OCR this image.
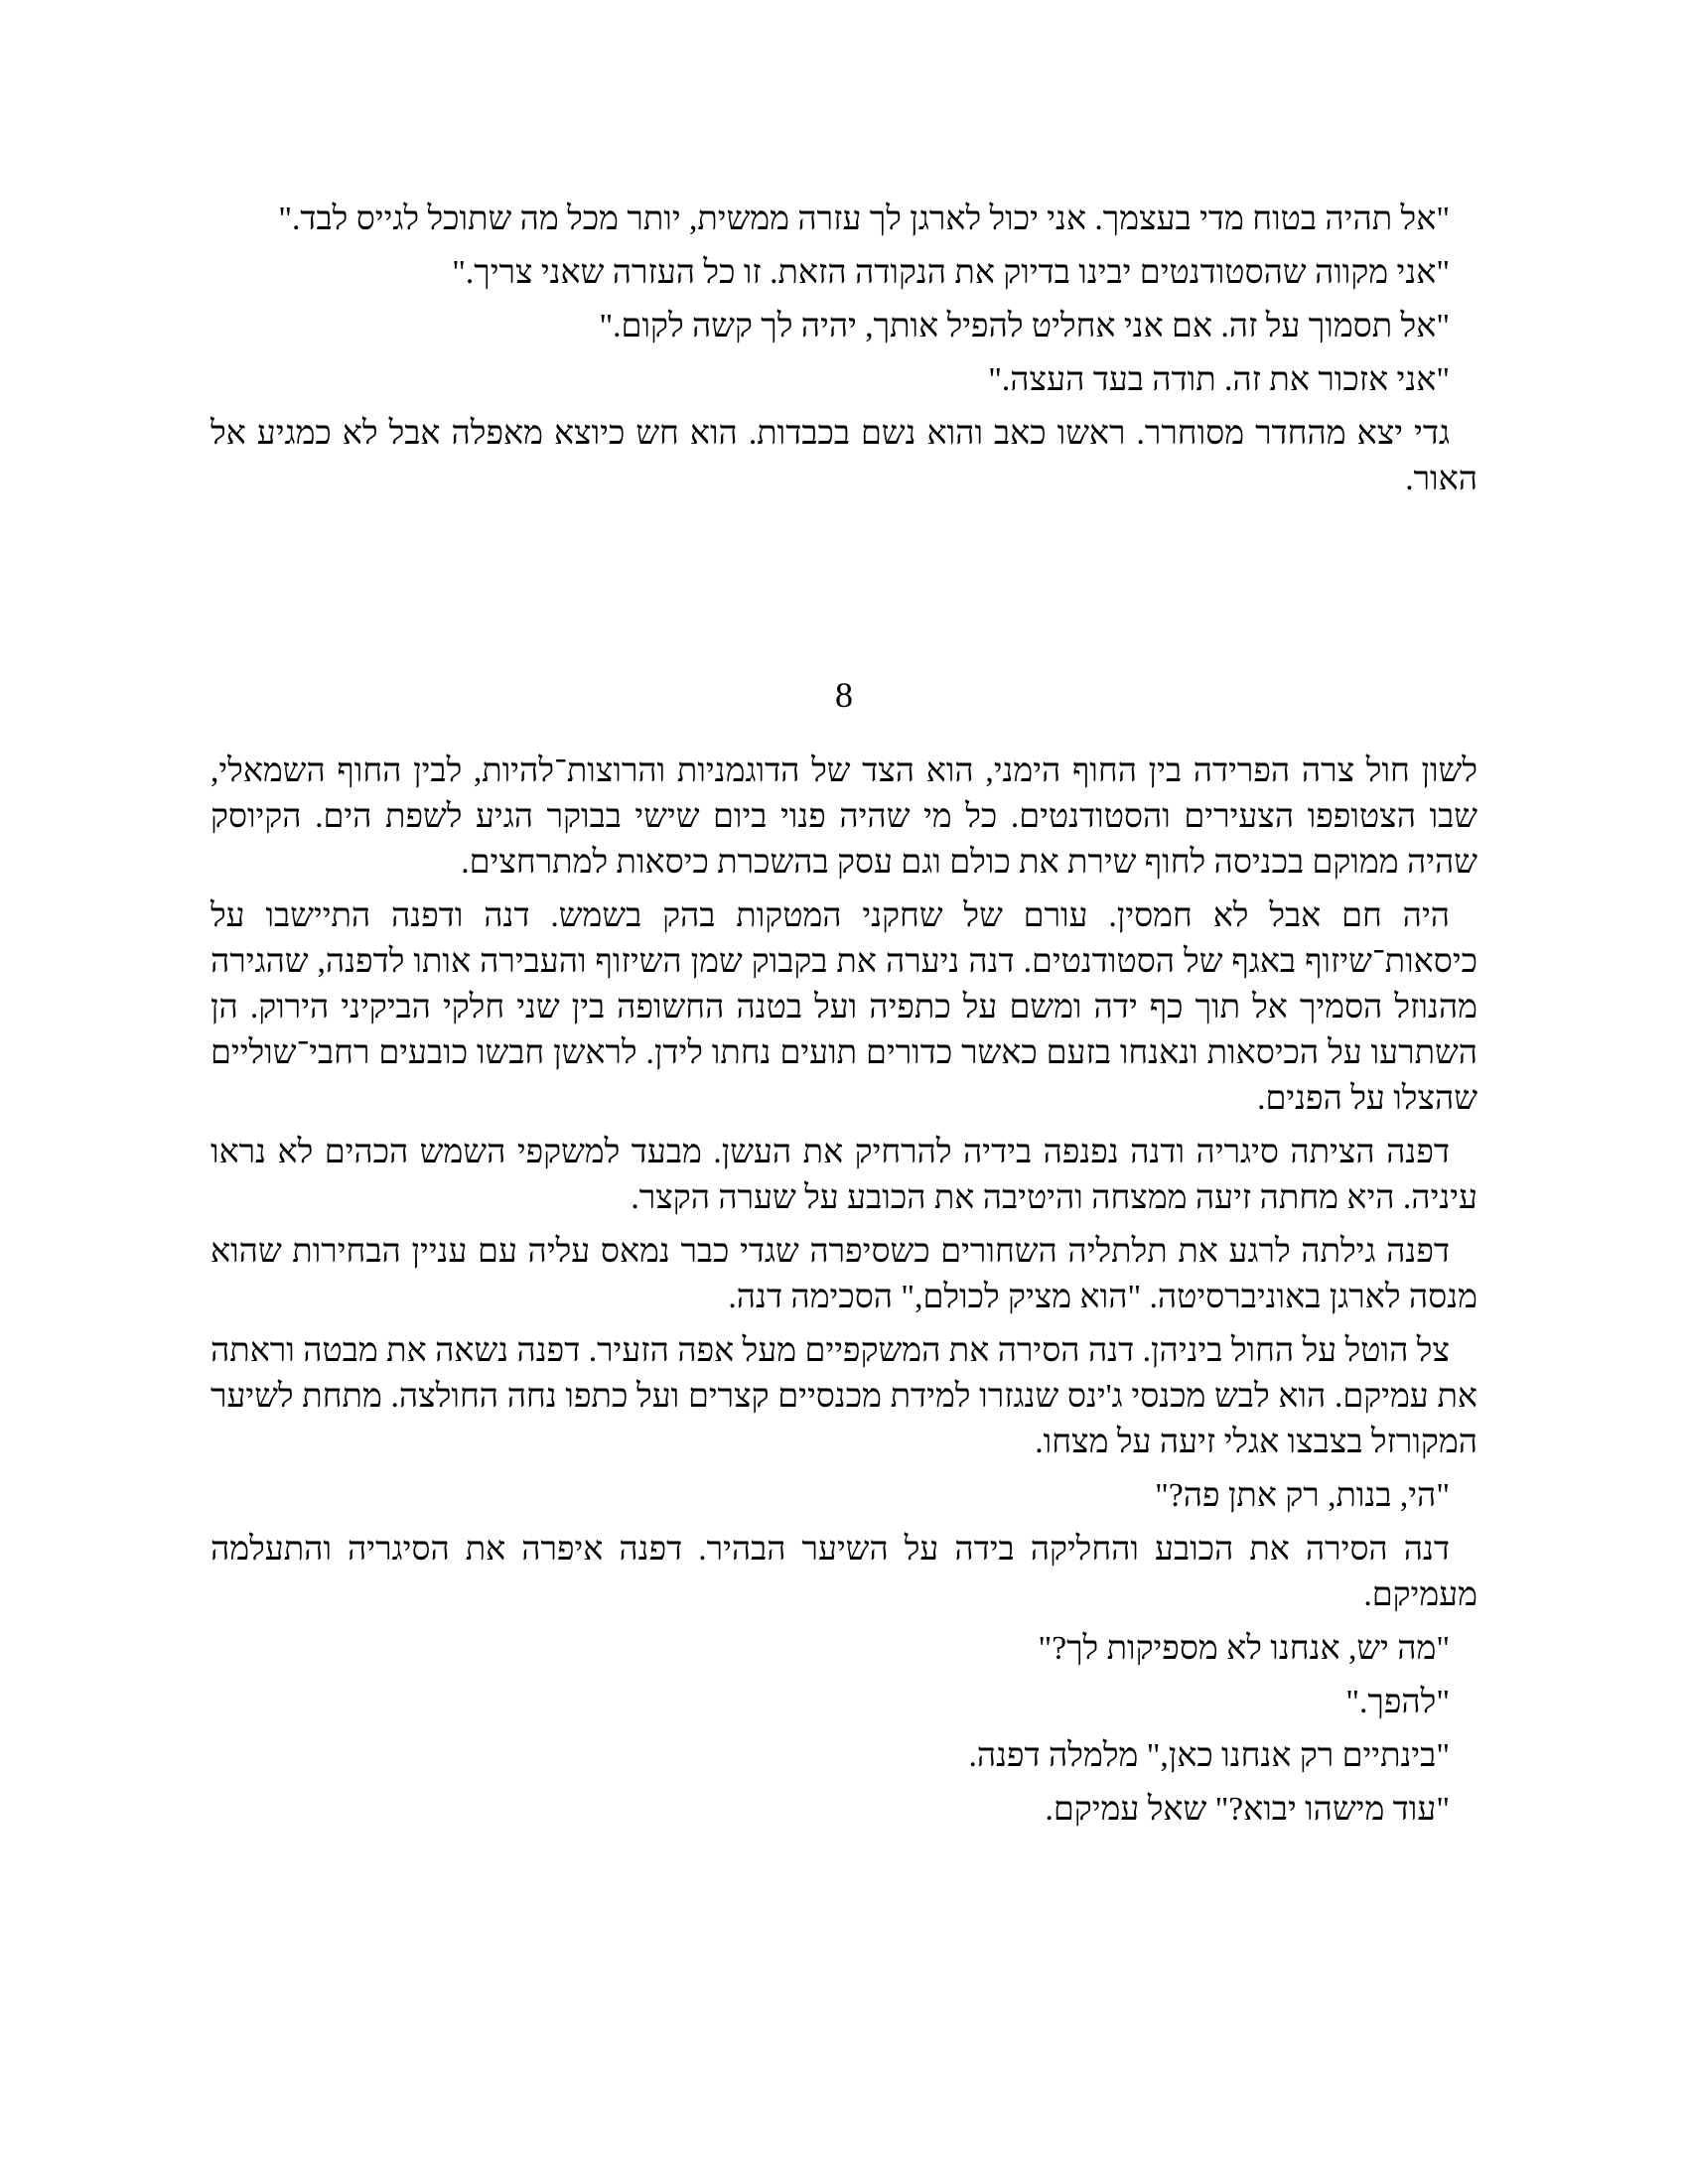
"אל תהיה בטוח מדי בעצמך. אני יכול לארגן לך עזרה ממשית, יותר מכל מה שתוכל לגייס לבד."

"אני מקווה שהסטודנטים יבינו בדיוק את הנקודה הזאת. זו כל העזרה שאני צריך."

"אל תסמוך על זה. אם אני אחליט להפיל אותך, יהיה לך קשה לקום."

"אני אזכור את זה. תודה בעד העצה."

גדי יצא מהחדר מסוחרר. ראשו כאב והוא נשם בכבדות. הוא חש כיוצא מאפלה אבל לא כמגיע אל האור.

8

לשון חול צרה הפרידה בין החוף הימני, הוא הצד של הדוגמניות והרוצות־להיות, לבין החוף השמאלי, שבו הצטופפו הצעירים והסטודנטים. כל מי שהיה פנוי ביום שישי בבוקר הגיע לשפת הים. הקיוסק שהיה ממוקם בכניסה לחוף שירת את כולם וגם עסק בהשכרת כיסאות למתרחצים.

היה חם אבל לא חמסין. עורם של שחקני המטקות בהק בשמש. דנה ודפנה התיישבו על כיסאות־שיזוף באגף של הסטודנטים. דנה ניערה את בקבוק שמן השיזוף והעבירה אותו לדפנה, שהגירה מהנוזל הסמיך אל תוך כף ידה ומשם על כתפיה ועל בטנה החשופה בין שני חלקי הביקיני הירוק. הן השתרעו על הכיסאות ונאנחו בזעם כאשר כדורים תועים נחתו לידן. לראשן חבשו כובעים רחבי־שוליים שהצלו על הפנים.

דפנה הציתה סיגריה ודנה נפנפה בידיה להרחיק את העשן. מבעד למשקפי השמש הכהים לא נראו עיניה. היא מחתה זיעה ממצחה והיטיבה את הכובע על שערה הקצר.

דפנה גילתה לרגע את תלתליה השחורים כשסיפרה שגדי כבר נמאס עליה עם עניין הבחירות שהוא מנסה לארגן באוניברסיטה. "הוא מציק לכולם," הסכימה דנה.

צל הוטל על החול ביניהן. דנה הסירה את המשקפיים מעל אפה הזעיר. דפנה נשאה את מבטה וראתה את עמיקם. הוא לבש מכנסי ג'ינס שנגזרו למידת מכנסיים קצרים ועל כתפו נחה החולצה. מתחת לשיער המקורזל בצבצו אגלי זיעה על מצחו.

"הי, בנות, רק אתן פה?"

דנה הסירה את הכובע והחליקה בידה על השיער הבהיר. דפנה איפרה את הסיגריה והתעלמה מעמיקם.

"מה יש, אנחנו לא מספיקות לך?"

"להפך."

"בינתיים רק אנחנו כאן," מלמלה דפנה.

"עוד מישהו יבוא?" שאל עמיקם.
